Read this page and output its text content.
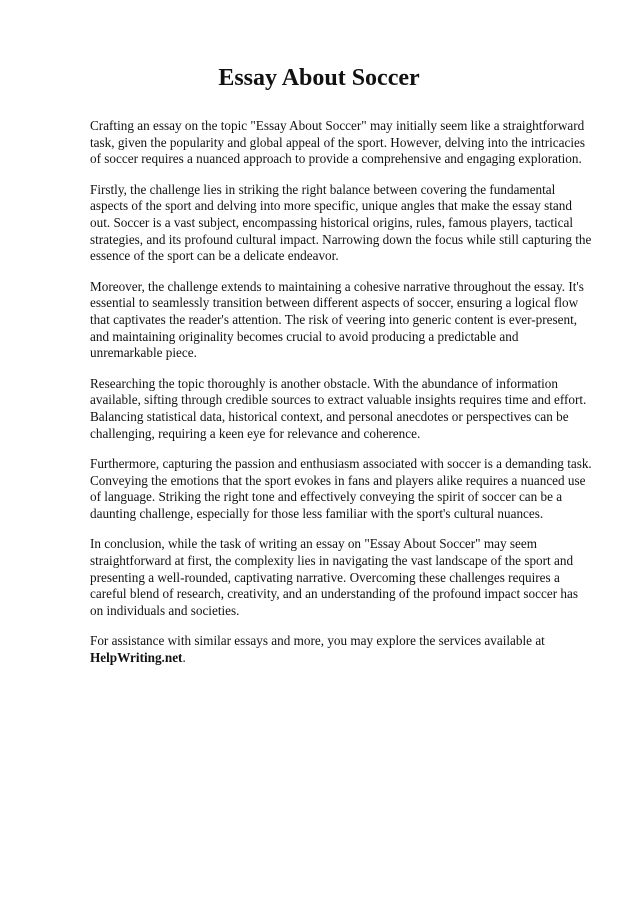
Essay About Soccer

Crafting an essay on the topic "Essay About Soccer" may initially seem like a straightforward task, given the popularity and global appeal of the sport. However, delving into the intricacies of soccer requires a nuanced approach to provide a comprehensive and engaging exploration.

Firstly, the challenge lies in striking the right balance between covering the fundamental aspects of the sport and delving into more specific, unique angles that make the essay stand out. Soccer is a vast subject, encompassing historical origins, rules, famous players, tactical strategies, and its profound cultural impact. Narrowing down the focus while still capturing the essence of the sport can be a delicate endeavor.

Moreover, the challenge extends to maintaining a cohesive narrative throughout the essay. It's essential to seamlessly transition between different aspects of soccer, ensuring a logical flow that captivates the reader's attention. The risk of veering into generic content is ever-present, and maintaining originality becomes crucial to avoid producing a predictable and unremarkable piece.

Researching the topic thoroughly is another obstacle. With the abundance of information available, sifting through credible sources to extract valuable insights requires time and effort. Balancing statistical data, historical context, and personal anecdotes or perspectives can be challenging, requiring a keen eye for relevance and coherence.

Furthermore, capturing the passion and enthusiasm associated with soccer is a demanding task. Conveying the emotions that the sport evokes in fans and players alike requires a nuanced use of language. Striking the right tone and effectively conveying the spirit of soccer can be a daunting challenge, especially for those less familiar with the sport's cultural nuances.

In conclusion, while the task of writing an essay on "Essay About Soccer" may seem straightforward at first, the complexity lies in navigating the vast landscape of the sport and presenting a well-rounded, captivating narrative. Overcoming these challenges requires a careful blend of research, creativity, and an understanding of the profound impact soccer has on individuals and societies.

For assistance with similar essays and more, you may explore the services available at
HelpWriting.net.
